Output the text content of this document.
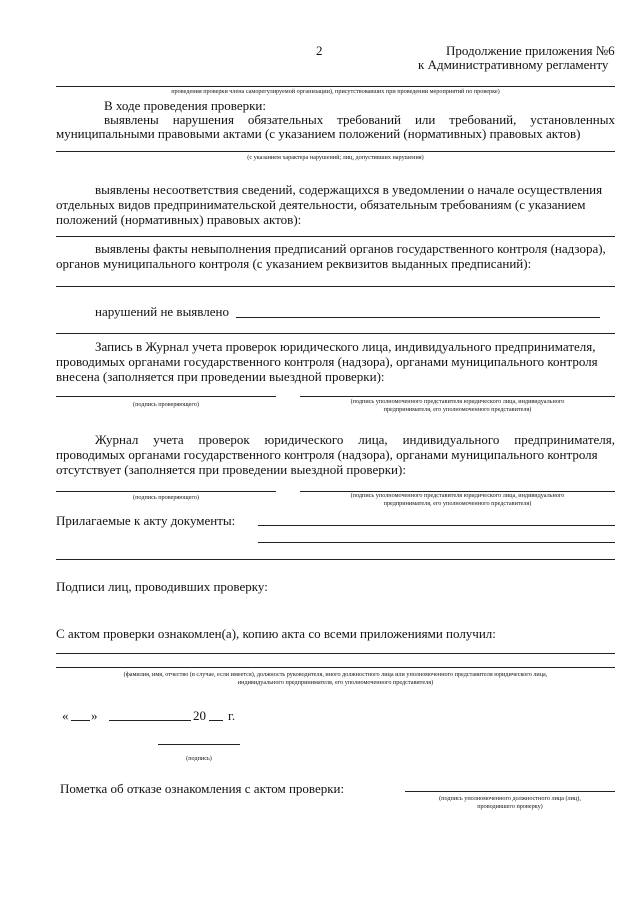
2	Продолжение приложения №6
к Административному регламенту
проведения проверки члена саморегулируемой организации), присутствовавших при проведении мероприятий по проверке)
В ходе проведения проверки:
выявлены нарушения обязательных требований или требований, установленных
муниципальными правовыми актами (с указанием положений (нормативных) правовых актов)
(с указанием характера нарушений; лиц, допустивших нарушения)
выявлены несоответствия сведений, содержащихся в уведомлении о начале осуществления
отдельных видов предпринимательской деятельности, обязательным требованиям (с указанием
положений (нормативных) правовых актов):
выявлены факты невыполнения предписаний органов государственного контроля (надзора),
органов муниципального контроля (с указанием реквизитов выданных предписаний):
нарушений не выявлено
Запись в Журнал учета проверок юридического лица, индивидуального предпринимателя,
проводимых органами государственного контроля (надзора), органами муниципального контроля
внесена (заполняется при проведении выездной проверки):
(подпись проверяющего)	(подпись уполномоченного представителя юридического лица, индивидуального
предпринимателя, его уполномоченного представителя)
Журнал учета проверок юридического лица, индивидуального предпринимателя,
проводимых органами государственного контроля (надзора), органами муниципального контроля
отсутствует (заполняется при проведении выездной проверки):
(подпись проверяющего)	(подпись уполномоченного представителя юридического лица, индивидуального
предпринимателя, его уполномоченного представителя)
Прилагаемые к акту документы:
Подписи лиц, проводивших проверку:
С актом проверки ознакомлен(а), копию акта со всеми приложениями получил:
(фамилия, имя, отчество (в случае, если имеется), должность руководителя, иного должностного лица или уполномоченного представителя юридического лица,
индивидуального предпринимателя, его уполномоченного представителя)
« »	20 г.
(подпись)
Пометка об отказе ознакомления с актом проверки:
(подпись уполномоченного должностного лица (лиц),
проводившего проверку)
